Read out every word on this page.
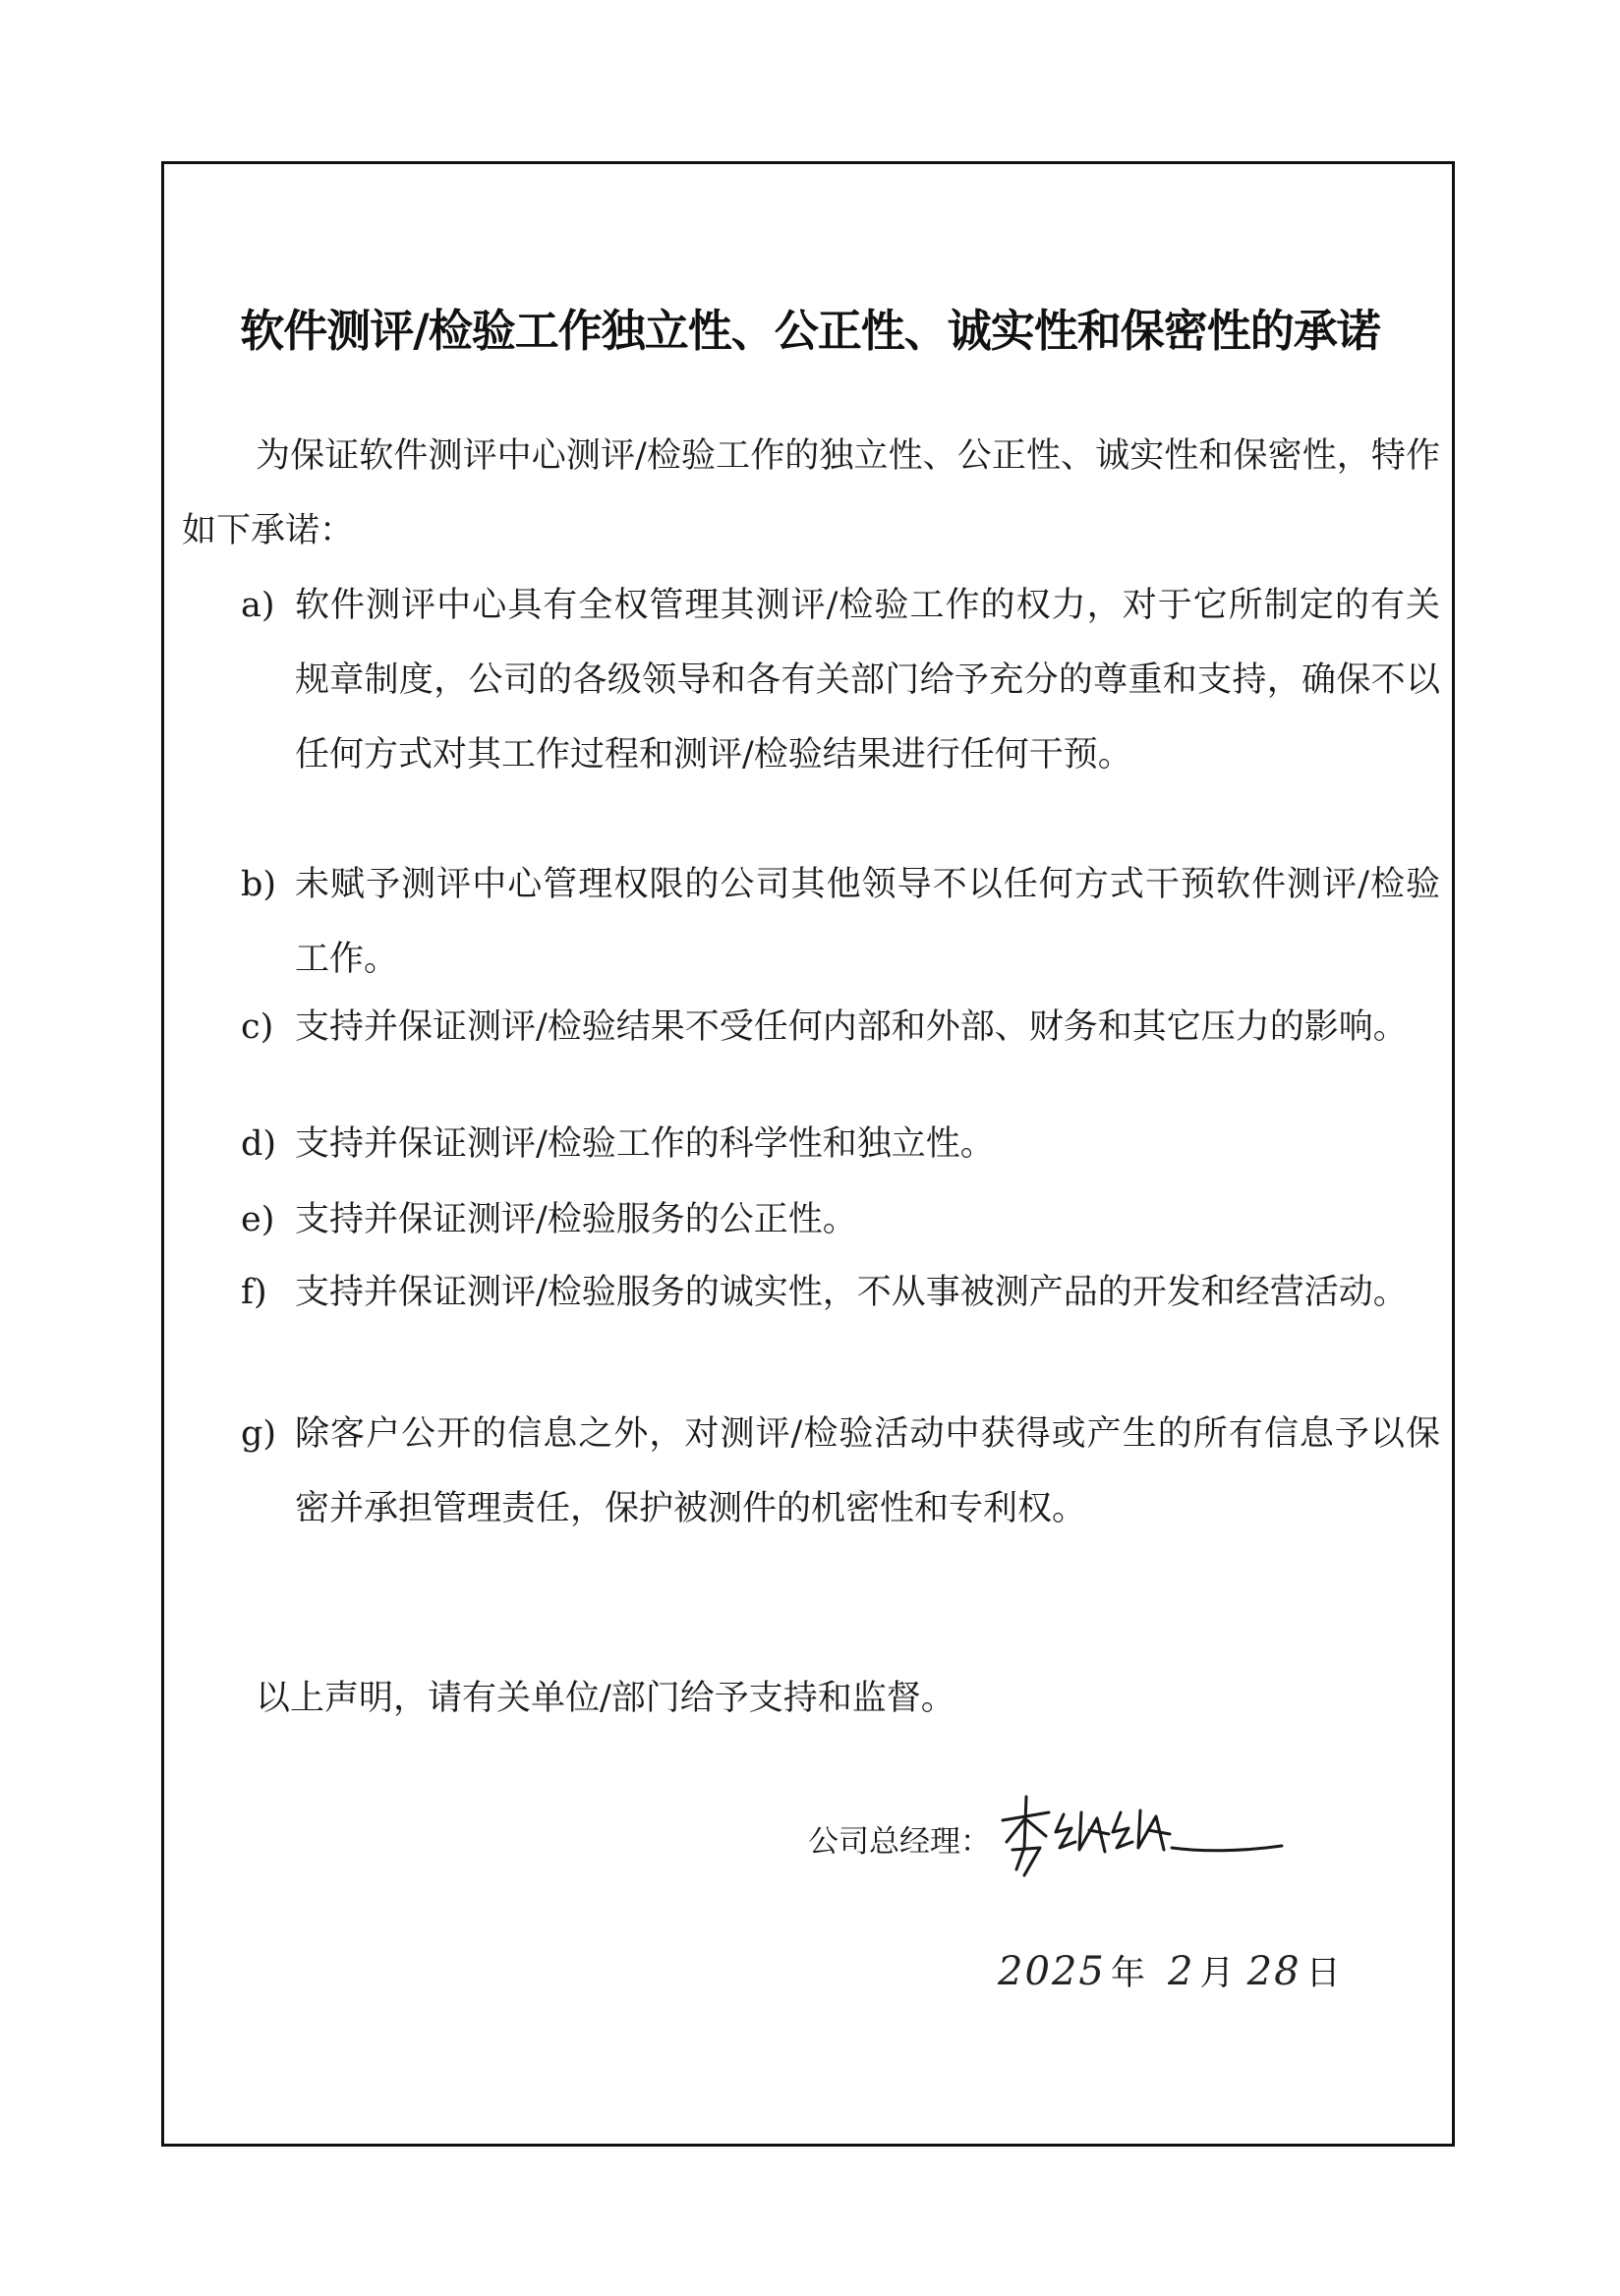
软件测评/检验工作独立性、公正性、诚实性和保密性的承诺

为保证软件测评中心测评/检验工作的独立性、公正性、诚实性和保密性，特作如下承诺：

a) 软件测评中心具有全权管理其测评/检验工作的权力，对于它所制定的有关规章制度，公司的各级领导和各有关部门给予充分的尊重和支持，确保不以任何方式对其工作过程和测评/检验结果进行任何干预。
b) 未赋予测评中心管理权限的公司其他领导不以任何方式干预软件测评/检验工作。
c) 支持并保证测评/检验结果不受任何内部和外部、财务和其它压力的影响。
d) 支持并保证测评/检验工作的科学性和独立性。
e) 支持并保证测评/检验服务的公正性。
f) 支持并保证测评/检验服务的诚实性，不从事被测产品的开发和经营活动。
g) 除客户公开的信息之外，对测评/检验活动中获得或产生的所有信息予以保密并承担管理责任，保护被测件的机密性和专利权。
以上声明，请有关单位/部门给予支持和监督。
公司总经理：
2025 年 2 月 28 日
